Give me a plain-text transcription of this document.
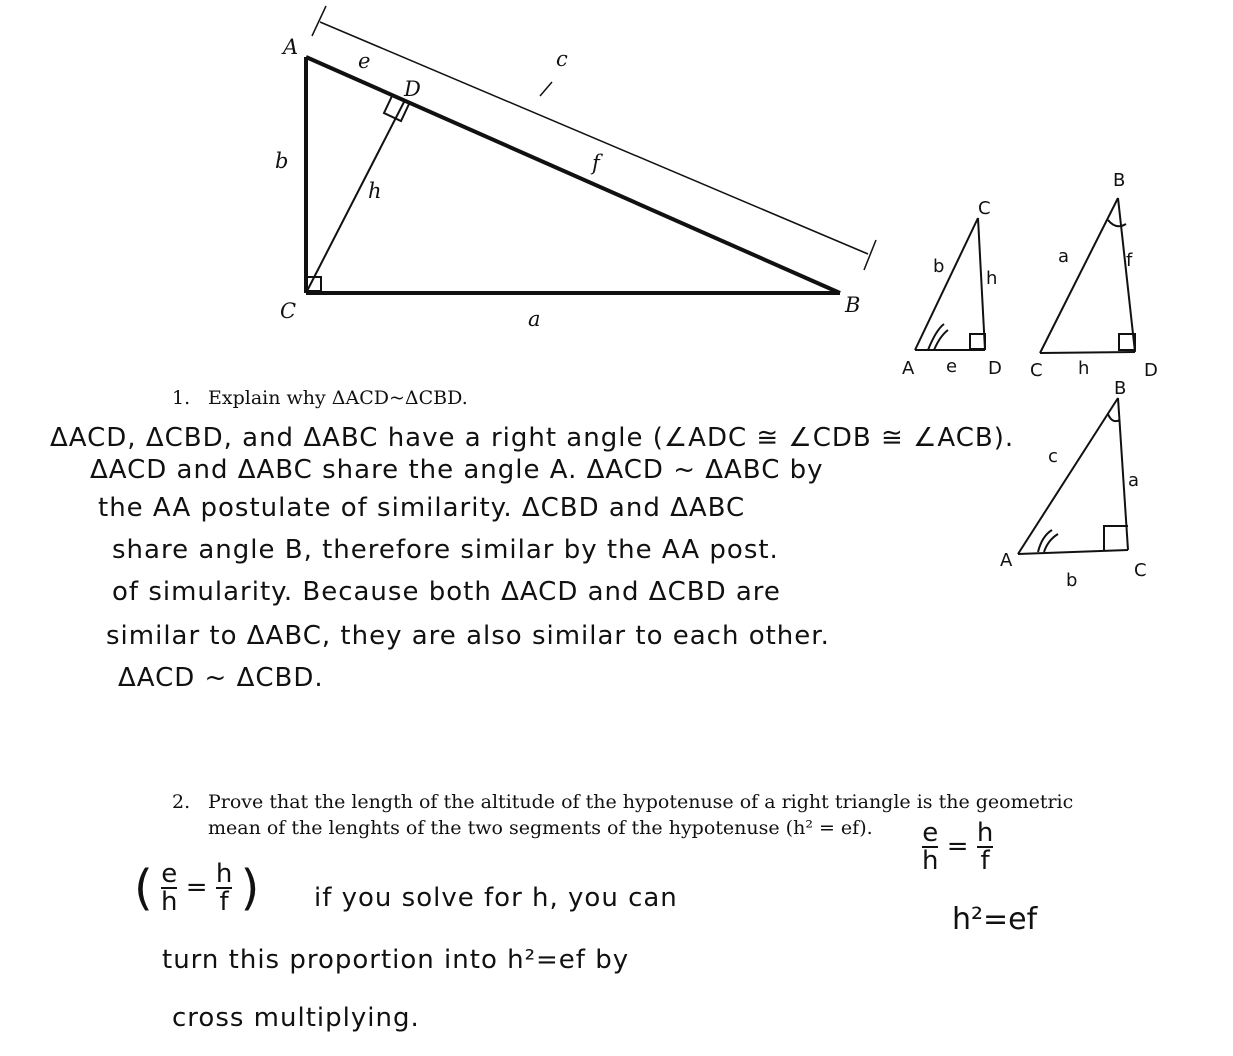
A
C	B
D
e	c
f
b
h
a
C
b
h
A e D
B
a	f
C h	D
B
c
a
A
b	C
1. Explain why ΔACD~ΔCBD.
ΔACD, ΔCBD, and ΔABC have a right angle (∠ADC ≅ ∠CDB ≅ ∠ACB).
ΔACD and ΔABC share the angle A. ΔACD ~ ΔABC by
the AA postulate of similarity. ΔCBD and ΔABC
share angle B, therefore similar by the AA post.
of simularity. Because both ΔACD and ΔCBD are
similar to ΔABC, they are also similar to each other.
ΔACD ~ ΔCBD.
2. Prove that the length of the altitude of the hypotenuse of a right triangle is the geometric
mean of the lenghts of the two segments of the hypotenuse (h² = ef). $\frac{e}{h} = \frac{h}{f}$
h²=ef
( $\frac{e}{h} = \frac{h}{f}$ ) if you solve for h, you can
turn this proportion into h²=ef by
cross multiplying.
